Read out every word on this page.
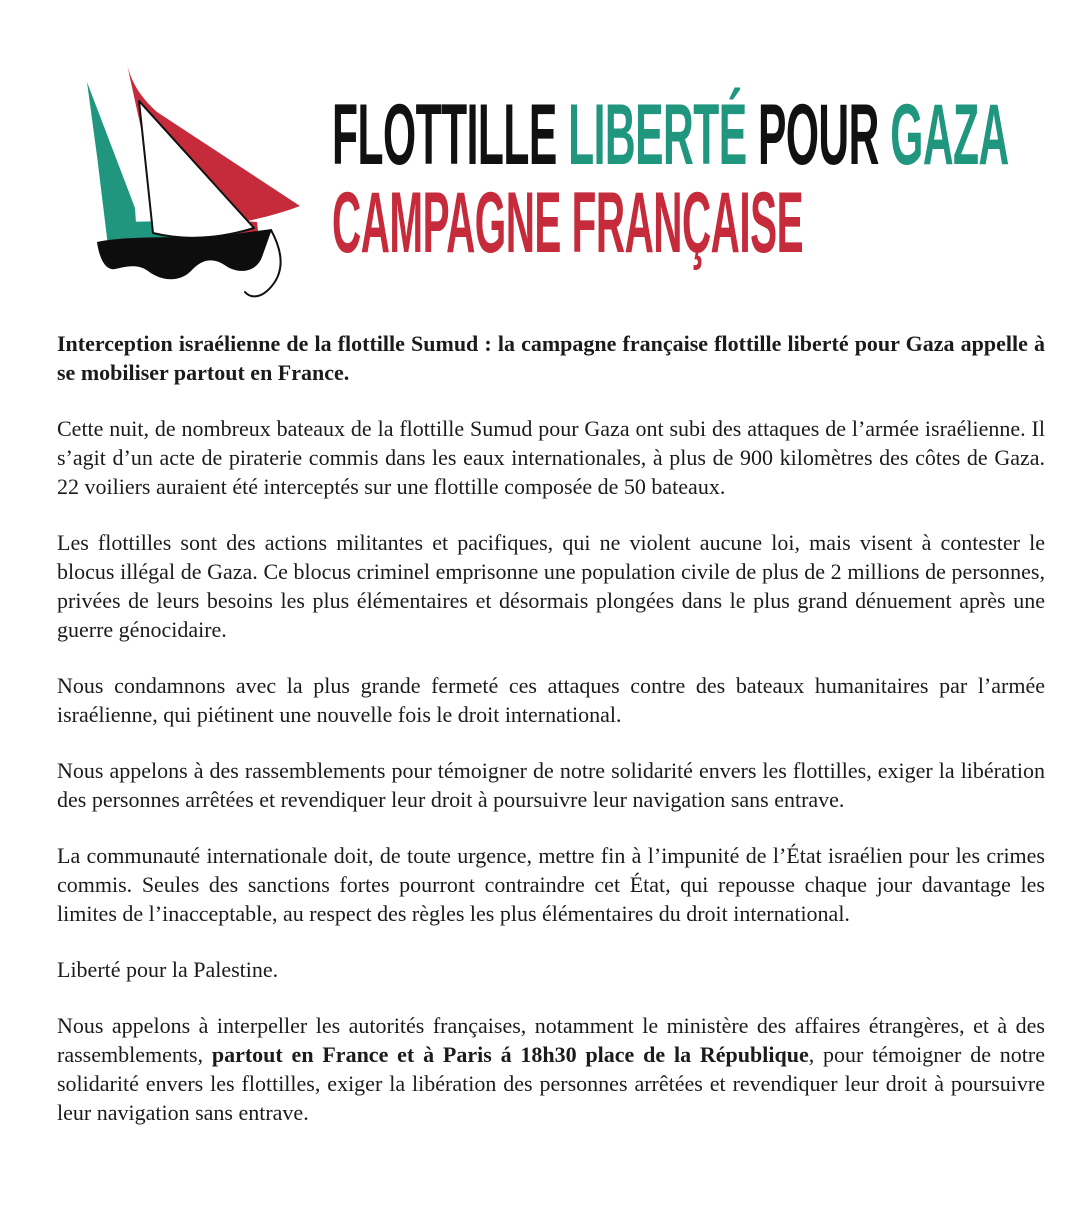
FLOTTILLE LIBERTÉ POUR GAZA
CAMPAGNE FRANÇAISE

Interception israélienne de la flottille Sumud : la campagne française flottille liberté pour Gaza appelle à se mobiliser partout en France.

Cette nuit, de nombreux bateaux de la flottille Sumud pour Gaza ont subi des attaques de l’armée israélienne. Il s’agit d’un acte de piraterie commis dans les eaux internationales, à plus de 900 kilomètres des côtes de Gaza. 22 voiliers auraient été interceptés sur une flottille composée de 50 bateaux.

Les flottilles sont des actions militantes et pacifiques, qui ne violent aucune loi, mais visent à contester le blocus illégal de Gaza. Ce blocus criminel emprisonne une population civile de plus de 2 millions de personnes, privées de leurs besoins les plus élémentaires et désormais plongées dans le plus grand dénuement après une guerre génocidaire.

Nous condamnons avec la plus grande fermeté ces attaques contre des bateaux humanitaires par l’armée israélienne, qui piétinent une nouvelle fois le droit international.

Nous appelons à des rassemblements pour témoigner de notre solidarité envers les flottilles, exiger la libération des personnes arrêtées et revendiquer leur droit à poursuivre leur navigation sans entrave.

La communauté internationale doit, de toute urgence, mettre fin à l’impunité de l’État israélien pour les crimes commis. Seules des sanctions fortes pourront contraindre cet État, qui repousse chaque jour davantage les limites de l’inacceptable, au respect des règles les plus élémentaires du droit international.

Liberté pour la Palestine.

Nous appelons à interpeller les autorités françaises, notamment le ministère des affaires étrangères, et à des rassemblements, partout en France et à Paris á 18h30 place de la République, pour témoigner de notre solidarité envers les flottilles, exiger la libération des personnes arrêtées et revendiquer leur droit à poursuivre leur navigation sans entrave.
